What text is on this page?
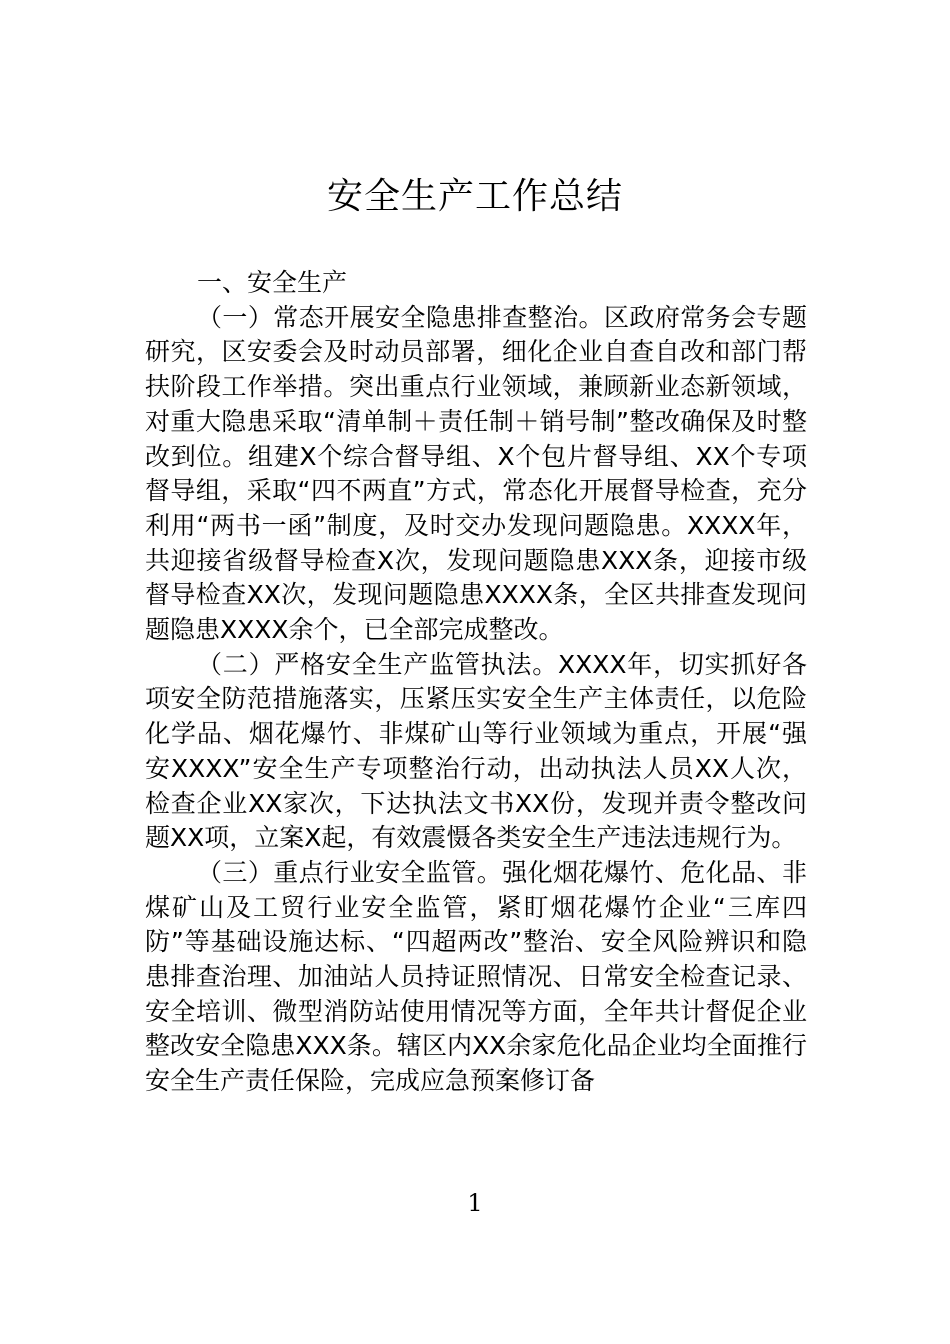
安全生产工作总结

一、安全生产

（一）常态开展安全隐患排查整治。区政府常务会专题研究，区安委会及时动员部署，细化企业自查自改和部门帮扶阶段工作举措。突出重点行业领域，兼顾新业态新领域，对重大隐患采取“清单制＋责任制＋销号制”整改确保及时整改到位。组建X个综合督导组、X个包片督导组、XX个专项督导组，采取“四不两直”方式，常态化开展督导检查，充分利用“两书一函”制度，及时交办发现问题隐患。XXXX年，共迎接省级督导检查X次，发现问题隐患XXX条，迎接市级督导检查XX次，发现问题隐患XXXX条，全区共排查发现问题隐患XXXX余个，已全部完成整改。

（二）严格安全生产监管执法。XXXX年，切实抓好各项安全防范措施落实，压紧压实安全生产主体责任，以危险化学品、烟花爆竹、非煤矿山等行业领域为重点，开展“强安XXXX”安全生产专项整治行动，出动执法人员XX人次，检查企业XX家次，下达执法文书XX份，发现并责令整改问题XX项，立案X起，有效震慑各类安全生产违法违规行为。

（三）重点行业安全监管。强化烟花爆竹、危化品、非煤矿山及工贸行业安全监管，紧盯烟花爆竹企业“三库四防”等基础设施达标、“四超两改”整治、安全风险辨识和隐患排查治理、加油站人员持证照情况、日常安全检查记录、安全培训、微型消防站使用情况等方面，全年共计督促企业整改安全隐患XXX条。辖区内XX余家危化品企业均全面推行安全生产责任保险，完成应急预案修订备

1
